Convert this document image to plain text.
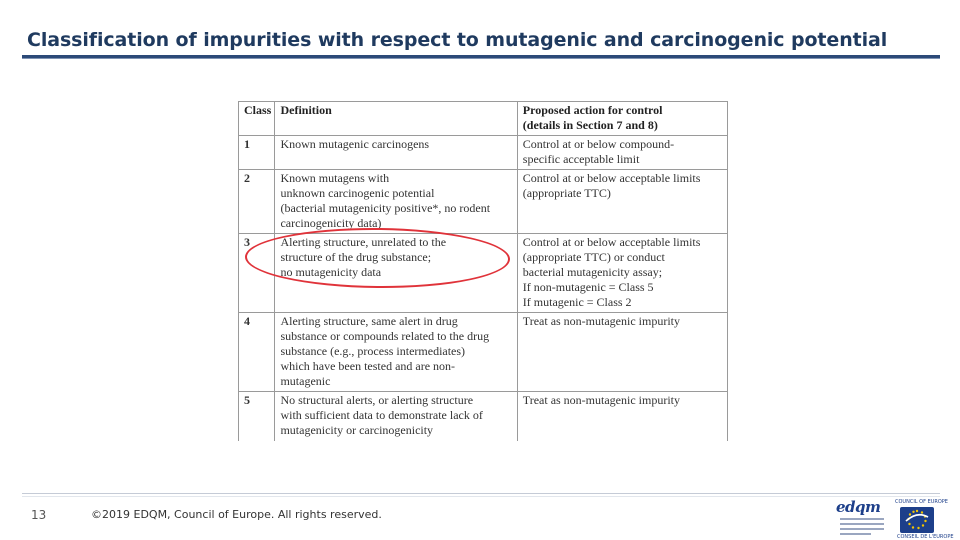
Classification of impurities with respect to mutagenic and carcinogenic potential
Class	Definition	Proposed action for control
(details in Section 7 and 8)
1	Known mutagenic carcinogens	Control at or below compound-
specific acceptable limit
2	Known mutagens with
unknown carcinogenic potential
(bacterial mutagenicity positive*, no rodent
carcinogenicity data)	Control at or below acceptable limits
(appropriate TTC)
3	Alerting structure, unrelated to the
structure of the drug substance;
no mutagenicity data	Control at or below acceptable limits
(appropriate TTC) or conduct
bacterial mutagenicity assay;
If non-mutagenic = Class 5
If mutagenic = Class 2
4	Alerting structure, same alert in drug
substance or compounds related to the drug
substance (e.g., process intermediates)
which have been tested and are non-
mutagenic	Treat as non-mutagenic impurity
5	No structural alerts, or alerting structure
with sufficient data to demonstrate lack of
mutagenicity or carcinogenicity	Treat as non-mutagenic impurity
13	©2019 EDQM, Council of Europe. All rights reserved.	edqm	COUNCIL OF EUROPE
CONSEIL DE L'EUROPE
